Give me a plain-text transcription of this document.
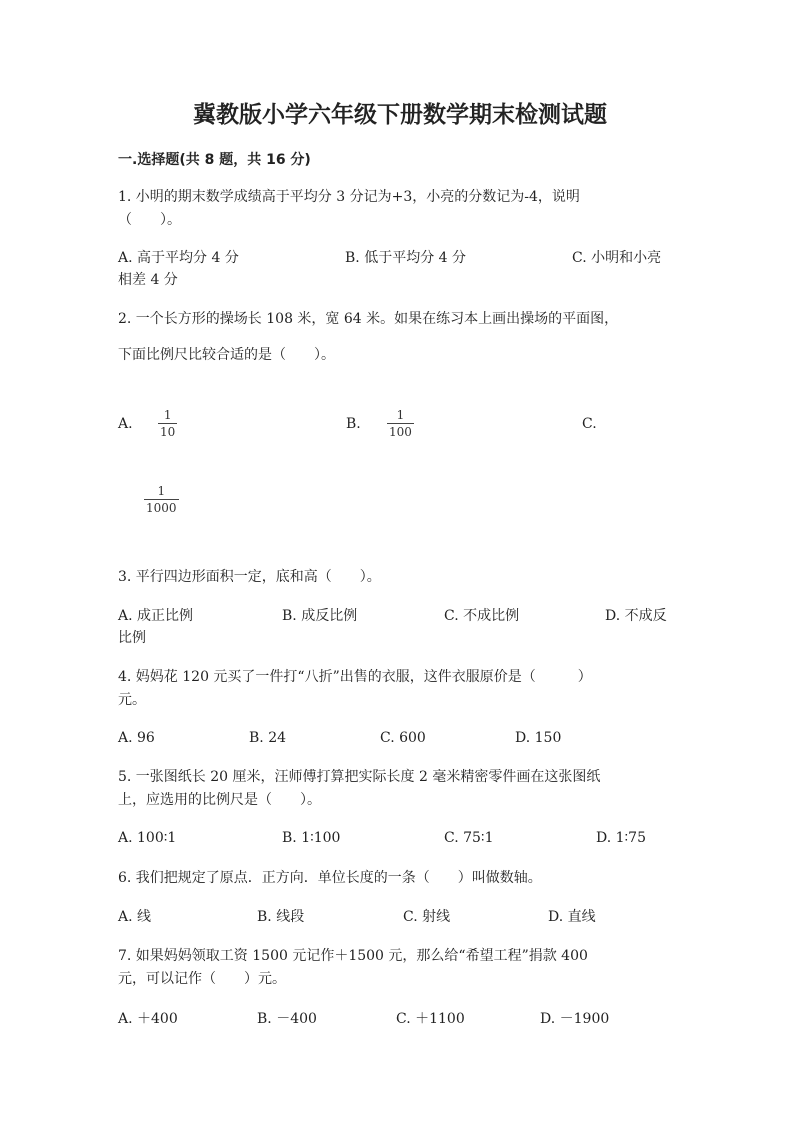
冀教版小学六年级下册数学期末检测试题
一.选择题(共 8 题，共 16 分)
1. 小明的期末数学成绩高于平均分 3 分记为+3，小亮的分数记为-4，说明
（　　）。
A. 高于平均分 4 分	B. 低于平均分 4 分	C. 小明和小亮
相差 4 分
2. 一个长方形的操场长 108 米，宽 64 米。如果在练习本上画出操场的平面图，
下面比例尺比较合适的是（　　）。
A.
1
10	B.
1
100	C.
1
1000
3. 平行四边形面积一定，底和高（　　）。
A. 成正比例	B. 成反比例	C. 不成比例	D. 不成反
比例
4. 妈妈花 120 元买了一件打“八折”出售的衣服，这件衣服原价是（　　　）
元。
A. 96	B. 24	C. 600	D. 150
5. 一张图纸长 20 厘米，汪师傅打算把实际长度 2 毫米精密零件画在这张图纸
上，应选用的比例尺是（　　）。
A. 100∶1	B. 1∶100	C. 75∶1	D. 1∶75
6. 我们把规定了原点．正方向．单位长度的一条（　　）叫做数轴。
A. 线	B. 线段	C. 射线	D. 直线
7. 如果妈妈领取工资 1500 元记作＋1500 元，那么给“希望工程”捐款 400
元，可以记作（　　）元。
A. ＋400	B. －400	C. ＋1100	D. －1900
